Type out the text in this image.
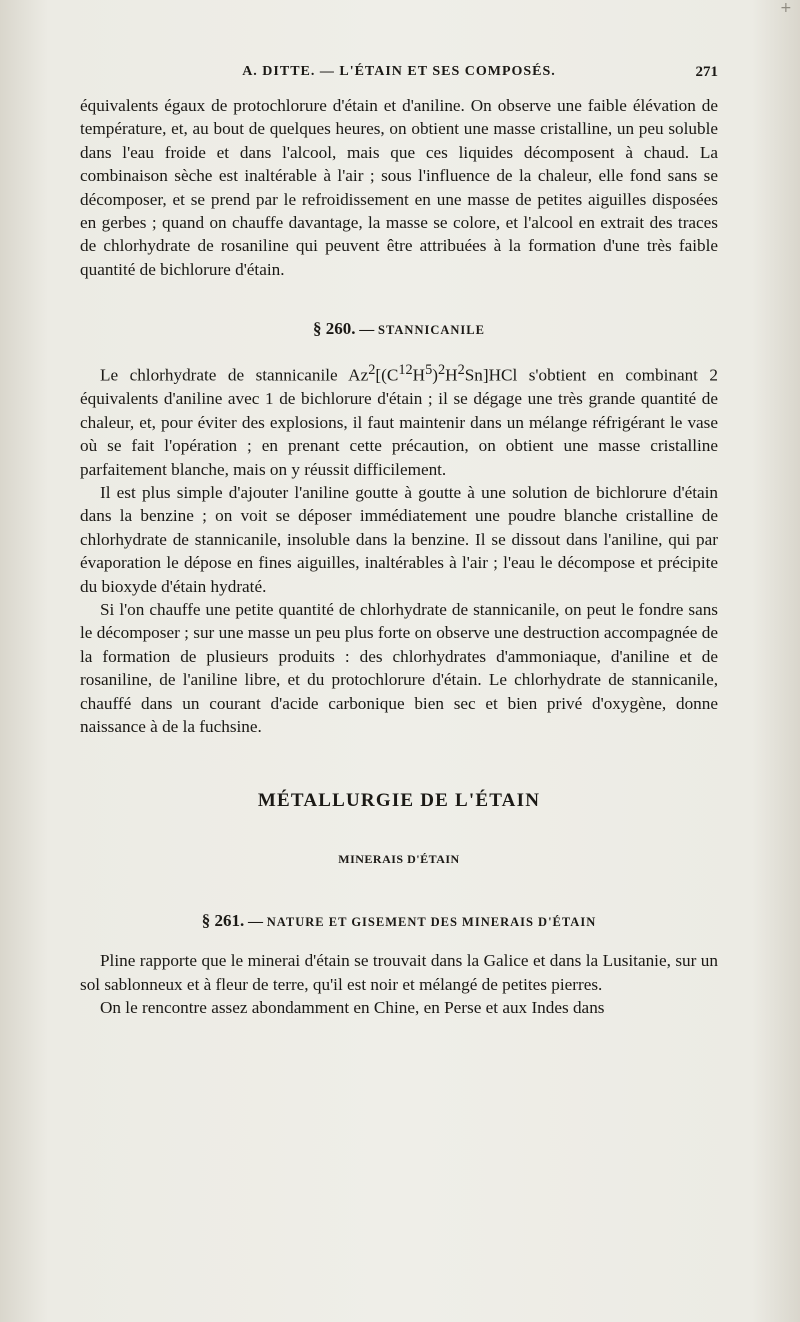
+
A. DITTE. — L'ÉTAIN ET SES COMPOSÉS.	271

équivalents égaux de protochlorure d'étain et d'aniline. On observe une faible élévation de température, et, au bout de quelques heures, on obtient une masse cristalline, un peu soluble dans l'eau froide et dans l'alcool, mais que ces liquides décomposent à chaud. La combinaison sèche est inaltérable à l'air ; sous l'influence de la chaleur, elle fond sans se décomposer, et se prend par le refroidissement en une masse de petites aiguilles disposées en gerbes ; quand on chauffe davantage, la masse se colore, et l'alcool en extrait des traces de chlorhydrate de rosaniline qui peuvent être attribuées à la formation d'une très faible quantité de bichlorure d'étain.

§ 260. — STANNICANILE

Le chlorhydrate de stannicanile $Az^2[(C^{12}H^5)^2H^2Sn]HCl$ s'obtient en combinant 2 équivalents d'aniline avec 1 de bichlorure d'étain ; il se dégage une très grande quantité de chaleur, et, pour éviter des explosions, il faut maintenir dans un mélange réfrigérant le vase où se fait l'opération ; en prenant cette précaution, on obtient une masse cristalline parfaitement blanche, mais on y réussit difficilement.

Il est plus simple d'ajouter l'aniline goutte à goutte à une solution de bichlorure d'étain dans la benzine ; on voit se déposer immédiatement une poudre blanche cristalline de chlorhydrate de stannicanile, insoluble dans la benzine. Il se dissout dans l'aniline, qui par évaporation le dépose en fines aiguilles, inaltérables à l'air ; l'eau le décompose et précipite du bioxyde d'étain hydraté.

Si l'on chauffe une petite quantité de chlorhydrate de stannicanile, on peut le fondre sans le décomposer ; sur une masse un peu plus forte on observe une destruction accompagnée de la formation de plusieurs produits : des chlorhydrates d'ammoniaque, d'aniline et de rosaniline, de l'aniline libre, et du protochlorure d'étain. Le chlorhydrate de stannicanile, chauffé dans un courant d'acide carbonique bien sec et bien privé d'oxygène, donne naissance à de la fuchsine.

MÉTALLURGIE DE L'ÉTAIN
MINERAIS D'ÉTAIN
§ 261. — NATURE ET GISEMENT DES MINERAIS D'ÉTAIN

Pline rapporte que le minerai d'étain se trouvait dans la Galice et dans la Lusitanie, sur un sol sablonneux et à fleur de terre, qu'il est noir et mélangé de petites pierres.

On le rencontre assez abondamment en Chine, en Perse et aux Indes dans
